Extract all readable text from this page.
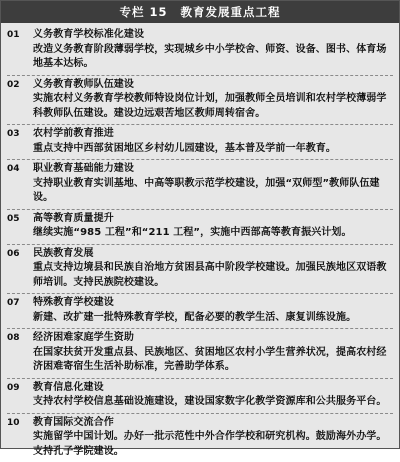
专栏 15 教育发展重点工程
01	义务教育学校标准化建设
改造义务教育阶段薄弱学校，实现城乡中小学校舍、师资、设备、图书、体育场地基本达标。
02	义务教育教师队伍建设
实施农村义务教育学校教师特设岗位计划，加强教师全员培训和农村学校薄弱学科教师队伍建设。建设边远艰苦地区教师周转宿舍。
03	农村学前教育推进
重点支持中西部贫困地区乡村幼儿园建设，基本普及学前一年教育。
04	职业教育基础能力建设
支持职业教育实训基地、中高等职教示范学校建设，加强“双师型”教师队伍建设。
05	高等教育质量提升
继续实施“985 工程”和“211 工程”，实施中西部高等教育振兴计划。
06	民族教育发展
重点支持边境县和民族自治地方贫困县高中阶段学校建设。加强民族地区双语教师培训。支持民族院校建设。
07	特殊教育学校建设
新建、改扩建一批特殊教育学校，配备必要的教学生活、康复训练设施。
08	经济困难家庭学生资助
在国家扶贫开发重点县、民族地区、贫困地区农村小学生营养状况，提高农村经济困难寄宿生生活补助标准，完善助学体系。
09	教育信息化建设
支持农村学校信息基础设施建设，建设国家数字化教学资源库和公共服务平台。
10	教育国际交流合作
实施留学中国计划。办好一批示范性中外合作学校和研究机构。鼓励海外办学。支持孔子学院建设。
